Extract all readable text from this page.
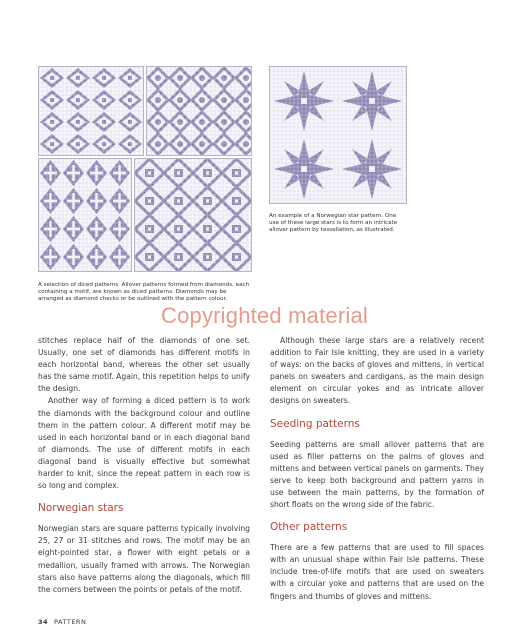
An example of a Norwegian star pattern. One use of these large stars is to form an intricate allover pattern by tessellation, as illustrated.
A selection of diced patterns. Allover patterns formed from diamonds, each containing a motif, are known as diced patterns. Diamonds may be arranged as diamond checks or be outlined with the pattern colour.
Copyrighted material

stitches replace half of the diamonds of one set. Usually, one set of diamonds has different motifs in each horizontal band, whereas the other set usually has the same motif. Again, this repetition helps to unify the design.

Another way of forming a diced pattern is to work the diamonds with the background colour and outline them in the pattern colour. A different motif may be used in each horizontal band or in each diagonal band of diamonds. The use of different motifs in each diagonal band is visually effective but somewhat harder to knit, since the repeat pattern in each row is so long and complex.

Norwegian stars

Norwegian stars are square patterns typically involving 25, 27 or 31 stitches and rows. The motif may be an eight-pointed star, a flower with eight petals or a medallion, usually framed with arrows. The Norwegian stars also have patterns along the diagonals, which fill the corners between the points or petals of the motif.

Although these large stars are a relatively recent addition to Fair Isle knitting, they are used in a variety of ways: on the backs of gloves and mittens, in vertical panels on sweaters and cardigans, as the main design element on circular yokes and as intricate allover designs on sweaters.

Seeding patterns

Seeding patterns are small allover patterns that are used as filler patterns on the palms of gloves and mittens and between vertical panels on garments. They serve to keep both background and pattern yarns in use between the main patterns, by the formation of short floats on the wrong side of the fabric.

Other patterns

There are a few patterns that are used to fill spaces with an unusual shape within Fair Isle patterns. These include tree-of-life motifs that are used on sweaters with a circular yoke and patterns that are used on the fingers and thumbs of gloves and mittens.

34 PATTERN
